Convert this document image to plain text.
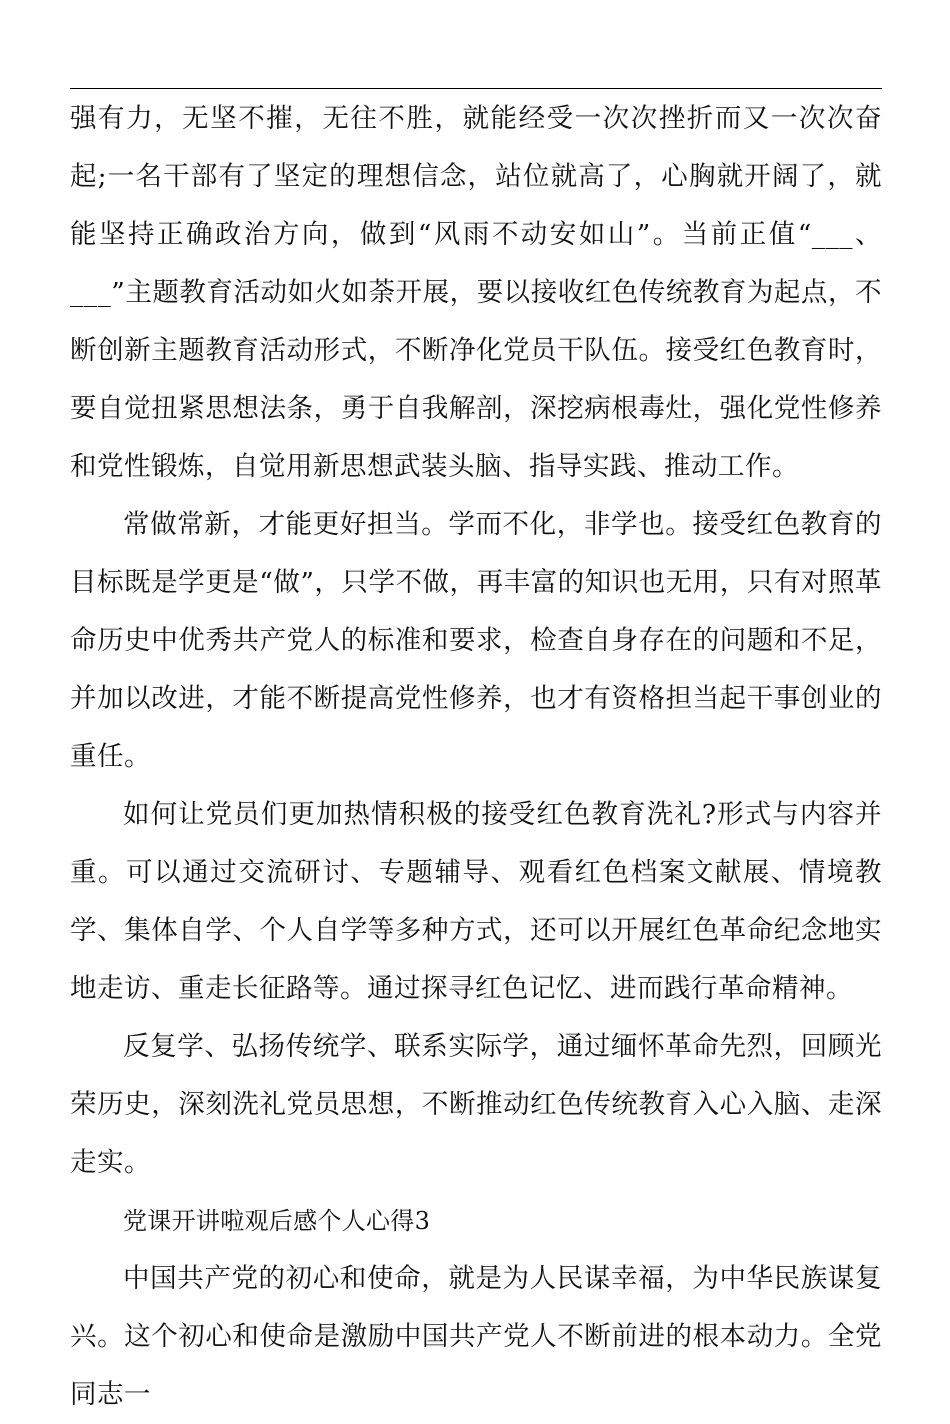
强有力，无坚不摧，无往不胜，就能经受一次次挫折而又一次次奋起;一名干部有了坚定的理想信念，站位就高了，心胸就开阔了，就能坚持正确政治方向，做到“风雨不动安如山”。当前正值“___、___”主题教育活动如火如荼开展，要以接收红色传统教育为起点，不断创新主题教育活动形式，不断净化党员干队伍。接受红色教育时，要自觉扭紧思想法条，勇于自我解剖，深挖病根毒灶，强化党性修养和党性锻炼，自觉用新思想武装头脑、指导实践、推动工作。

常做常新，才能更好担当。学而不化，非学也。接受红色教育的目标既是学更是“做”，只学不做，再丰富的知识也无用，只有对照革命历史中优秀共产党人的标准和要求，检查自身存在的问题和不足，并加以改进，才能不断提高党性修养，也才有资格担当起干事创业的重任。

如何让党员们更加热情积极的接受红色教育洗礼?形式与内容并重。可以通过交流研讨、专题辅导、观看红色档案文献展、情境教学、集体自学、个人自学等多种方式，还可以开展红色革命纪念地实地走访、重走长征路等。通过探寻红色记忆、进而践行革命精神。

反复学、弘扬传统学、联系实际学，通过缅怀革命先烈，回顾光荣历史，深刻洗礼党员思想，不断推动红色传统教育入心入脑、走深走实。

党课开讲啦观后感个人心得3

中国共产党的初心和使命，就是为人民谋幸福，为中华民族谋复兴。这个初心和使命是激励中国共产党人不断前进的根本动力。全党同志一
